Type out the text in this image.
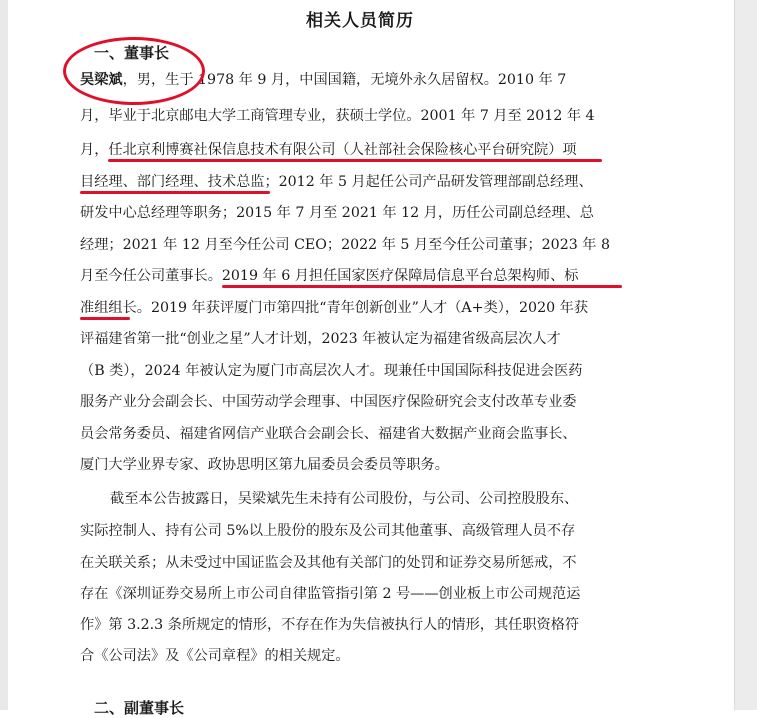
相关人员简历
一、董事长
吴梁斌，男，生于 1978 年 9 月，中国国籍，无境外永久居留权。2010 年 7
月，毕业于北京邮电大学工商管理专业，获硕士学位。2001 年 7 月至 2012 年 4
月，任北京利博赛社保信息技术有限公司（人社部社会保险核心平台研究院）项
目经理、部门经理、技术总监；2012 年 5 月起任公司产品研发管理部副总经理、
研发中心总经理等职务；2015 年 7 月至 2021 年 12 月，历任公司副总经理、总
经理；2021 年 12 月至今任公司 CEO；2022 年 5 月至今任公司董事；2023 年 8
月至今任公司董事长。2019 年 6 月担任国家医疗保障局信息平台总架构师、标
准组组长。2019 年获评厦门市第四批“青年创新创业”人才（A+类），2020 年获
评福建省第一批“创业之星”人才计划，2023 年被认定为福建省级高层次人才
（B 类），2024 年被认定为厦门市高层次人才。现兼任中国国际科技促进会医药
服务产业分会副会长、中国劳动学会理事、中国医疗保险研究会支付改革专业委
员会常务委员、福建省网信产业联合会副会长、福建省大数据产业商会监事长、
厦门大学业界专家、政协思明区第九届委员会委员等职务。
截至本公告披露日，吴梁斌先生未持有公司股份，与公司、公司控股股东、
实际控制人、持有公司 5%以上股份的股东及公司其他董事、高级管理人员不存
在关联关系；从未受过中国证监会及其他有关部门的处罚和证券交易所惩戒，不
存在《深圳证券交易所上市公司自律监管指引第 2 号——创业板上市公司规范运
作》第 3.2.3 条所规定的情形，不存在作为失信被执行人的情形，其任职资格符
合《公司法》及《公司章程》的相关规定。
二、副董事长
